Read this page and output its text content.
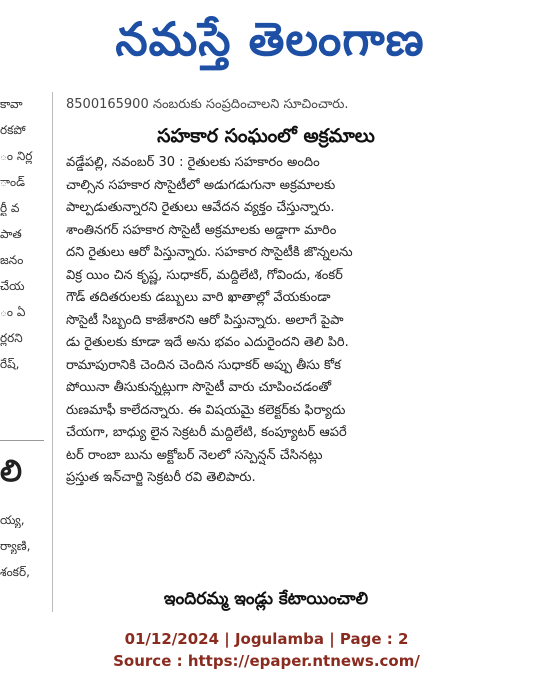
నమస్తే తెలంగాణ
కావా
రకపో
ం నిర్ల
ాండ్
ర్టీ వ
పాత
జనం
చేయ
ం ఏ
ర్లరని
రేష్,
లి
య్య,
ర్యాణి,
శంకర్,
8500165900 నంబరుకు సంప్రదించాలని సూచించారు.
సహకార సంఘంలో అక్రమాలు
వడ్డేపల్లి, నవంబర్ 30 : రైతులకు సహకారం అందిం
చాల్సిన సహకార సొసైటీలో అడుగడుగునా అక్రమాలకు
పాల్పడుతున్నారని రైతులు ఆవేదన వ్యక్తం చేస్తున్నారు.
శాంతినగర్ సహకార సొసైటీ అక్రమాలకు అడ్డాగా మారిం
దని రైతులు ఆరో పిస్తున్నారు. సహకార సొసైటీకి జొన్నలను
విక్ర యిం చిన కృష్ణ, సుధాకర్, మద్దిలేటి, గోవిందు, శంకర్
గౌడ్ తదితరులకు డబ్బులు వారి ఖాతాల్లో వేయకుండా
సొసైటీ సిబ్బంది కాజేశారని ఆరో పిస్తున్నారు. అలాగే పైపా
డు రైతులకు కూడా ఇదే అను భవం ఎదురైందని తెలి పిరి.
రామాపురానికి చెందిన చెందిన సుధాకర్ అప్పు తీసు కోక
పోయినా తీసుకున్నట్లుగా సొసైటీ వారు చూపించడంతో
రుణమాఫీ కాలేదన్నారు. ఈ విషయమై కలెక్టర్‌కు ఫిర్యాదు
చేయగా, బాధ్యు లైన సెక్రటరీ మద్దిలేటి, కంప్యూటర్ ఆపరే
టర్ రాంబా బును అక్టోబర్ నెలలో సస్పెన్షన్ చేసినట్లు
ప్రస్తుత ఇన్‌చార్జి సెక్రటరీ రవి తెలిపారు.
ఇందిరమ్మ ఇండ్లు కేటాయించాలి
01/12/2024 | Jogulamba | Page : 2
Source : https://epaper.ntnews.com/
